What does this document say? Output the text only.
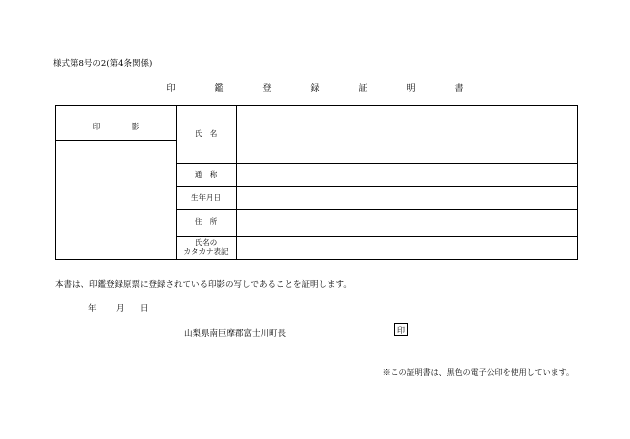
様式第8号の2(第4条関係)
印　鑑　登　録　証　明　書
印　影
氏　名
通　称
生年月日
住　所
氏名の
カタカナ表記
本書は、印鑑登録原票に登録されている印影の写しであることを証明します。
年 月 日
山梨県南巨摩郡富士川町長	印
※この証明書は、黒色の電子公印を使用しています。
